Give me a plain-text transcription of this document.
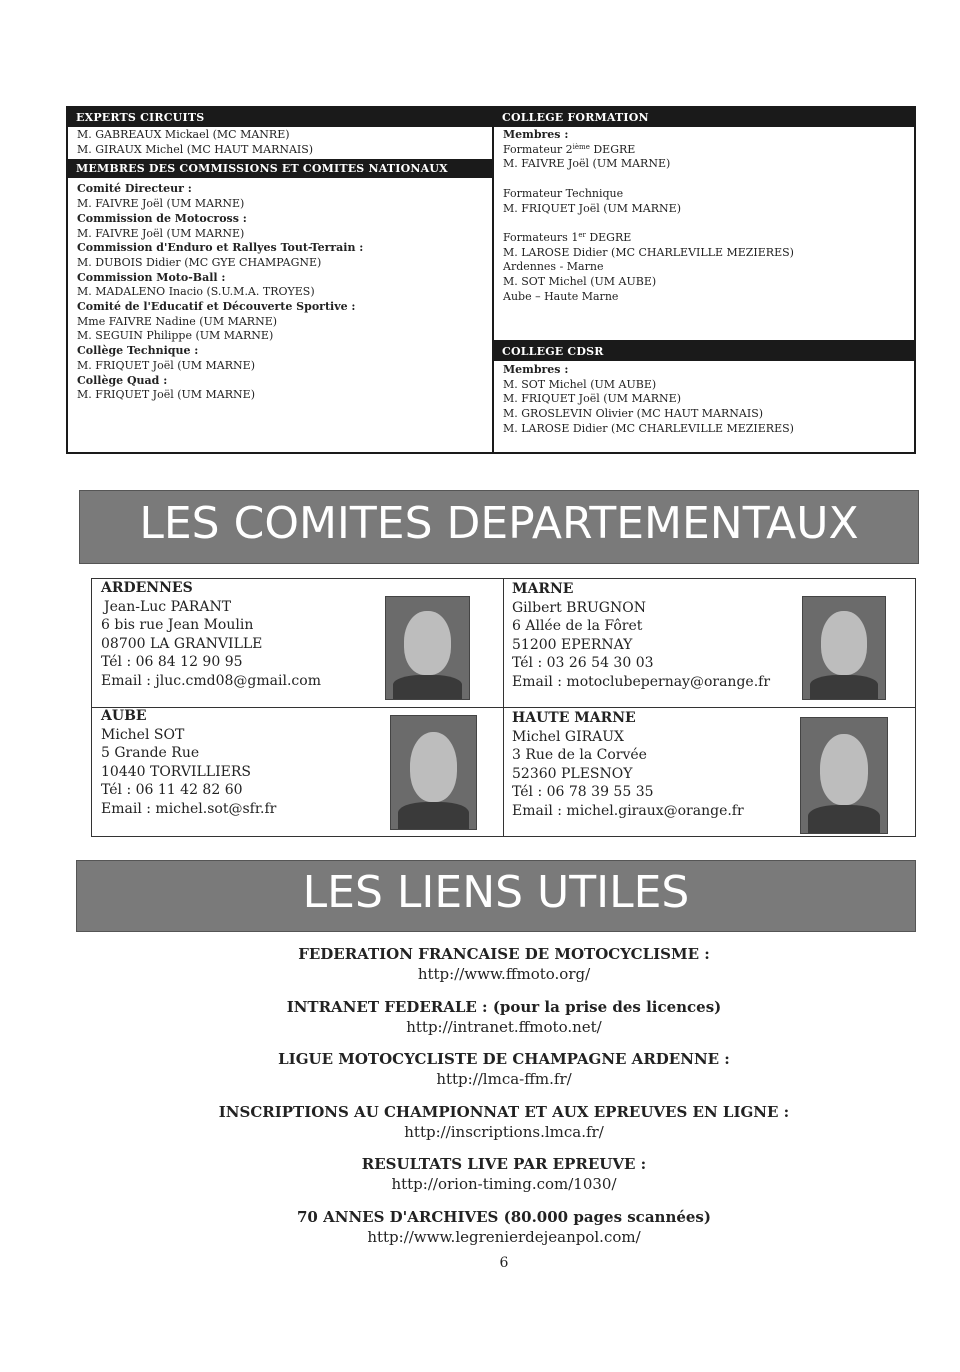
EXPERTS CIRCUITS
M. GABREAUX Mickael (MC MANRE)
M. GIRAUX Michel (MC HAUT MARNAIS)
MEMBRES DES COMMISSIONS ET COMITES NATIONAUX
Comité Directeur :
M. FAIVRE Joël (UM MARNE)
Commission de Motocross :
M. FAIVRE Joël (UM MARNE)
Commission d'Enduro et Rallyes Tout-Terrain :
M. DUBOIS Didier (MC GYE CHAMPAGNE)
Commission Moto-Ball :
M. MADALENO Inacio (S.U.M.A. TROYES)
Comité de l'Educatif et Découverte Sportive :
Mme FAIVRE Nadine (UM MARNE)
M. SEGUIN Philippe (UM MARNE)
Collège Technique :
M. FRIQUET Joël (UM MARNE)
Collège Quad :
M. FRIQUET Joël (UM MARNE)
COLLEGE FORMATION
Membres :
Formateur 2ième DEGRE
M. FAIVRE Joël (UM MARNE)
Formateur Technique
M. FRIQUET Joël (UM MARNE)
Formateurs 1er DEGRE
M. LAROSE Didier (MC CHARLEVILLE MEZIERES)
Ardennes - Marne
M. SOT Michel (UM AUBE)
Aube – Haute Marne
COLLEGE CDSR
Membres :
M. SOT Michel (UM AUBE)
M. FRIQUET Joël (UM MARNE)
M. GROSLEVIN Olivier (MC HAUT MARNAIS)
M. LAROSE Didier (MC CHARLEVILLE MEZIERES)
LES COMITES DEPARTEMENTAUX
ARDENNES
Jean-Luc PARANT
6 bis rue Jean Moulin
08700 LA GRANVILLE
Tél : 06 84 12 90 95
Email : jluc.cmd08@gmail.com
MARNE
Gilbert BRUGNON
6 Allée de la Fôret
51200 EPERNAY
Tél : 03 26 54 30 03
Email : motoclubepernay@orange.fr
AUBE
Michel SOT
5 Grande Rue
10440 TORVILLIERS
Tél : 06 11 42 82 60
Email : michel.sot@sfr.fr
HAUTE MARNE
Michel GIRAUX
3 Rue de la Corvée
52360 PLESNOY
Tél : 06 78 39 55 35
Email : michel.giraux@orange.fr
LES LIENS UTILES
FEDERATION FRANCAISE DE MOTOCYCLISME :
http://www.ffmoto.org/
INTRANET FEDERALE : (pour la prise des licences)
http://intranet.ffmoto.net/
LIGUE MOTOCYCLISTE DE CHAMPAGNE ARDENNE :
http://lmca-ffm.fr/
INSCRIPTIONS AU CHAMPIONNAT ET AUX EPREUVES EN LIGNE :
http://inscriptions.lmca.fr/
RESULTATS LIVE PAR EPREUVE :
http://orion-timing.com/1030/
70 ANNES D'ARCHIVES (80.000 pages scannées)
http://www.legrenierdejeanpol.com/
6
